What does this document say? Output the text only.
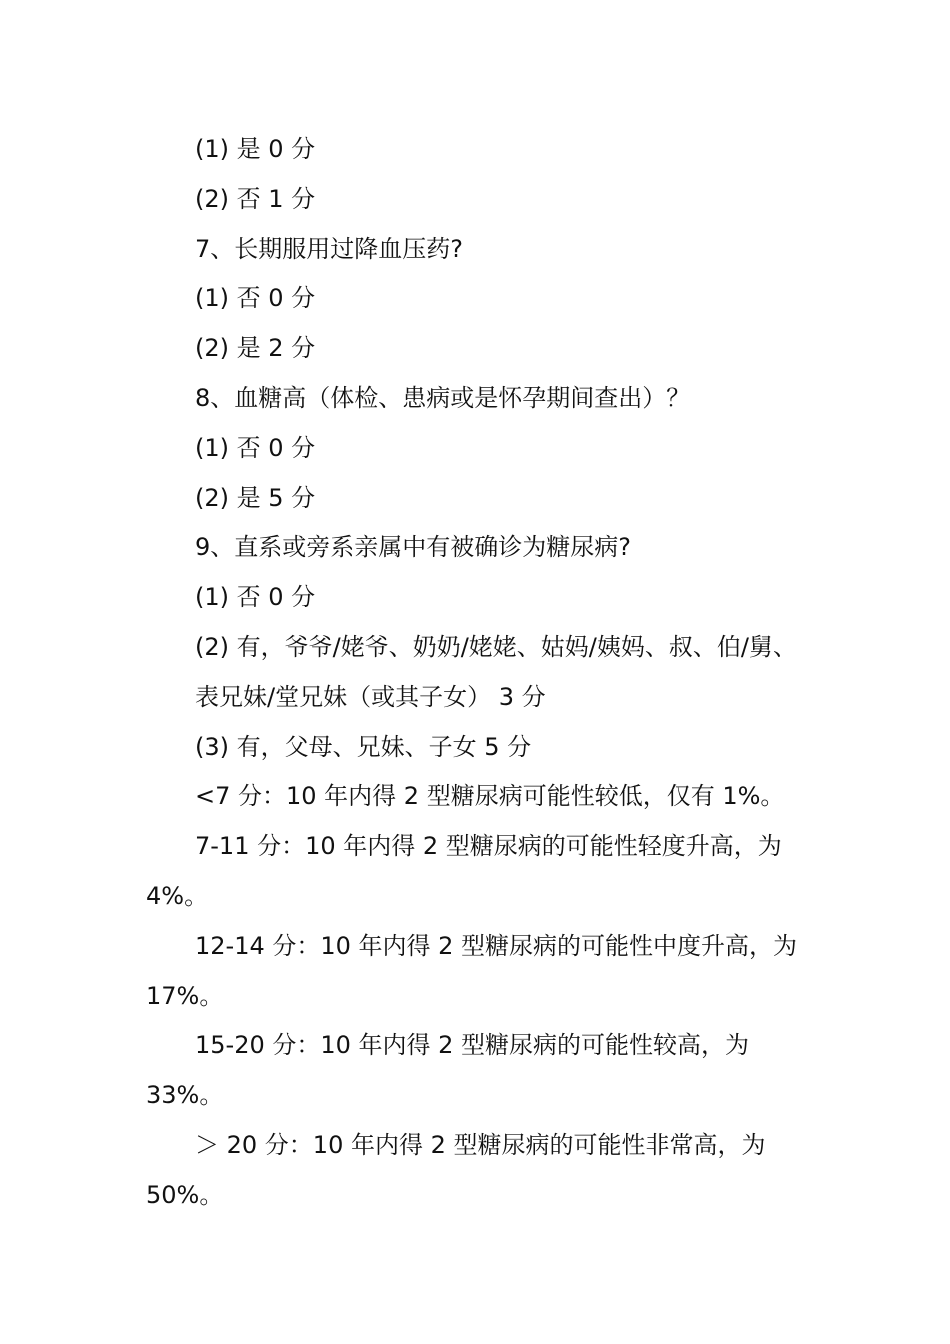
(1) 是 0 分
(2) 否 1 分
7、长期服用过降血压药?
(1) 否 0 分
(2) 是 2 分
8、血糖高（体检、患病或是怀孕期间查出）？
(1) 否 0 分
(2) 是 5 分
9、直系或旁系亲属中有被确诊为糖尿病?
(1) 否 0 分
(2) 有，爷爷/姥爷、奶奶/姥姥、姑妈/姨妈、叔、伯/舅、
表兄妹/堂兄妹（或其子女） 3 分
(3) 有，父母、兄妹、子女 5 分
<7 分：10 年内得 2 型糖尿病可能性较低，仅有 1%。
7-11 分：10 年内得 2 型糖尿病的可能性轻度升高，为
4%。
12-14 分：10 年内得 2 型糖尿病的可能性中度升高，为
17%。
15-20 分：10 年内得 2 型糖尿病的可能性较高，为
33%。
＞ 20 分：10 年内得 2 型糖尿病的可能性非常高，为
50%。
